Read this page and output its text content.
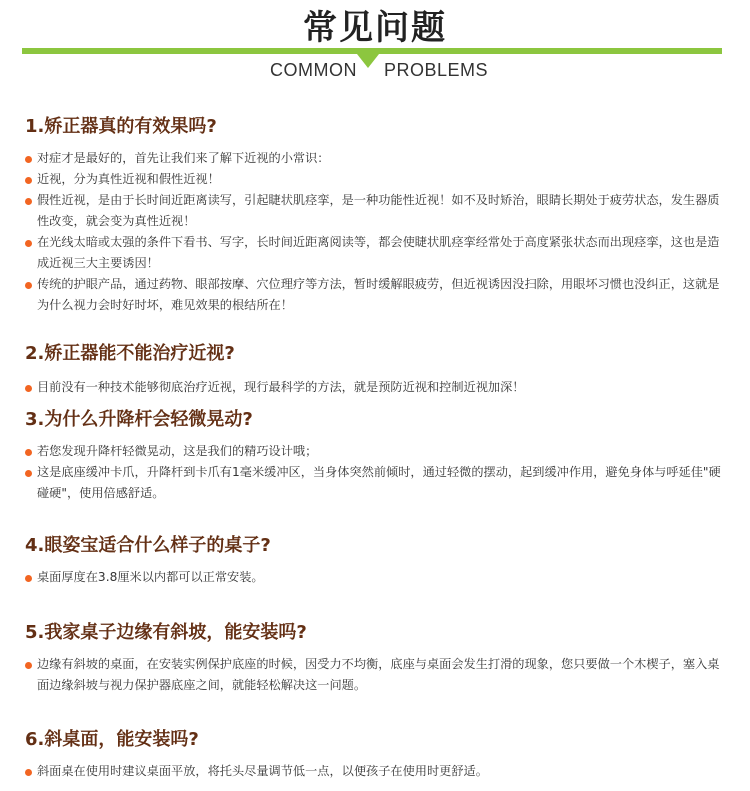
常见问题
COMMON PROBLEMS
1.矫正器真的有效果吗?
对症才是最好的，首先让我们来了解下近视的小常识：
近视，分为真性近视和假性近视！
假性近视，是由于长时间近距离读写，引起睫状肌痉挛，是一种功能性近视！如不及时矫治，眼睛长期处于疲劳状态，发生器质性改变，就会变为真性近视！
在光线太暗或太强的条件下看书、写字，长时间近距离阅读等，都会使睫状肌痉挛经常处于高度紧张状态而出现痉挛，这也是造成近视三大主要诱因！
传统的护眼产品，通过药物、眼部按摩、穴位理疗等方法，暂时缓解眼疲劳，但近视诱因没扫除，用眼坏习惯也没纠正，这就是为什么视力会时好时坏，难见效果的根结所在！
2.矫正器能不能治疗近视?
目前没有一种技术能够彻底治疗近视，现行最科学的方法，就是预防近视和控制近视加深！
3.为什么升降杆会轻微晃动?
若您发现升降杆轻微晃动，这是我们的精巧设计哦；
这是底座缓冲卡爪，升降杆到卡爪有1毫米缓冲区，当身体突然前倾时，通过轻微的摆动，起到缓冲作用，避免身体与呼延佳"硬碰硬"，使用倍感舒适。
4.眼姿宝适合什么样子的桌子?
桌面厚度在3.8厘米以内都可以正常安装。
5.我家桌子边缘有斜坡，能安装吗?
边缘有斜坡的桌面，在安装实例保护底座的时候，因受力不均衡，底座与桌面会发生打滑的现象，您只要做一个木楔子，塞入桌面边缘斜坡与视力保护器底座之间，就能轻松解决这一问题。
6.斜桌面，能安装吗?
斜面桌在使用时建议桌面平放，将托头尽量调节低一点，以便孩子在使用时更舒适。
